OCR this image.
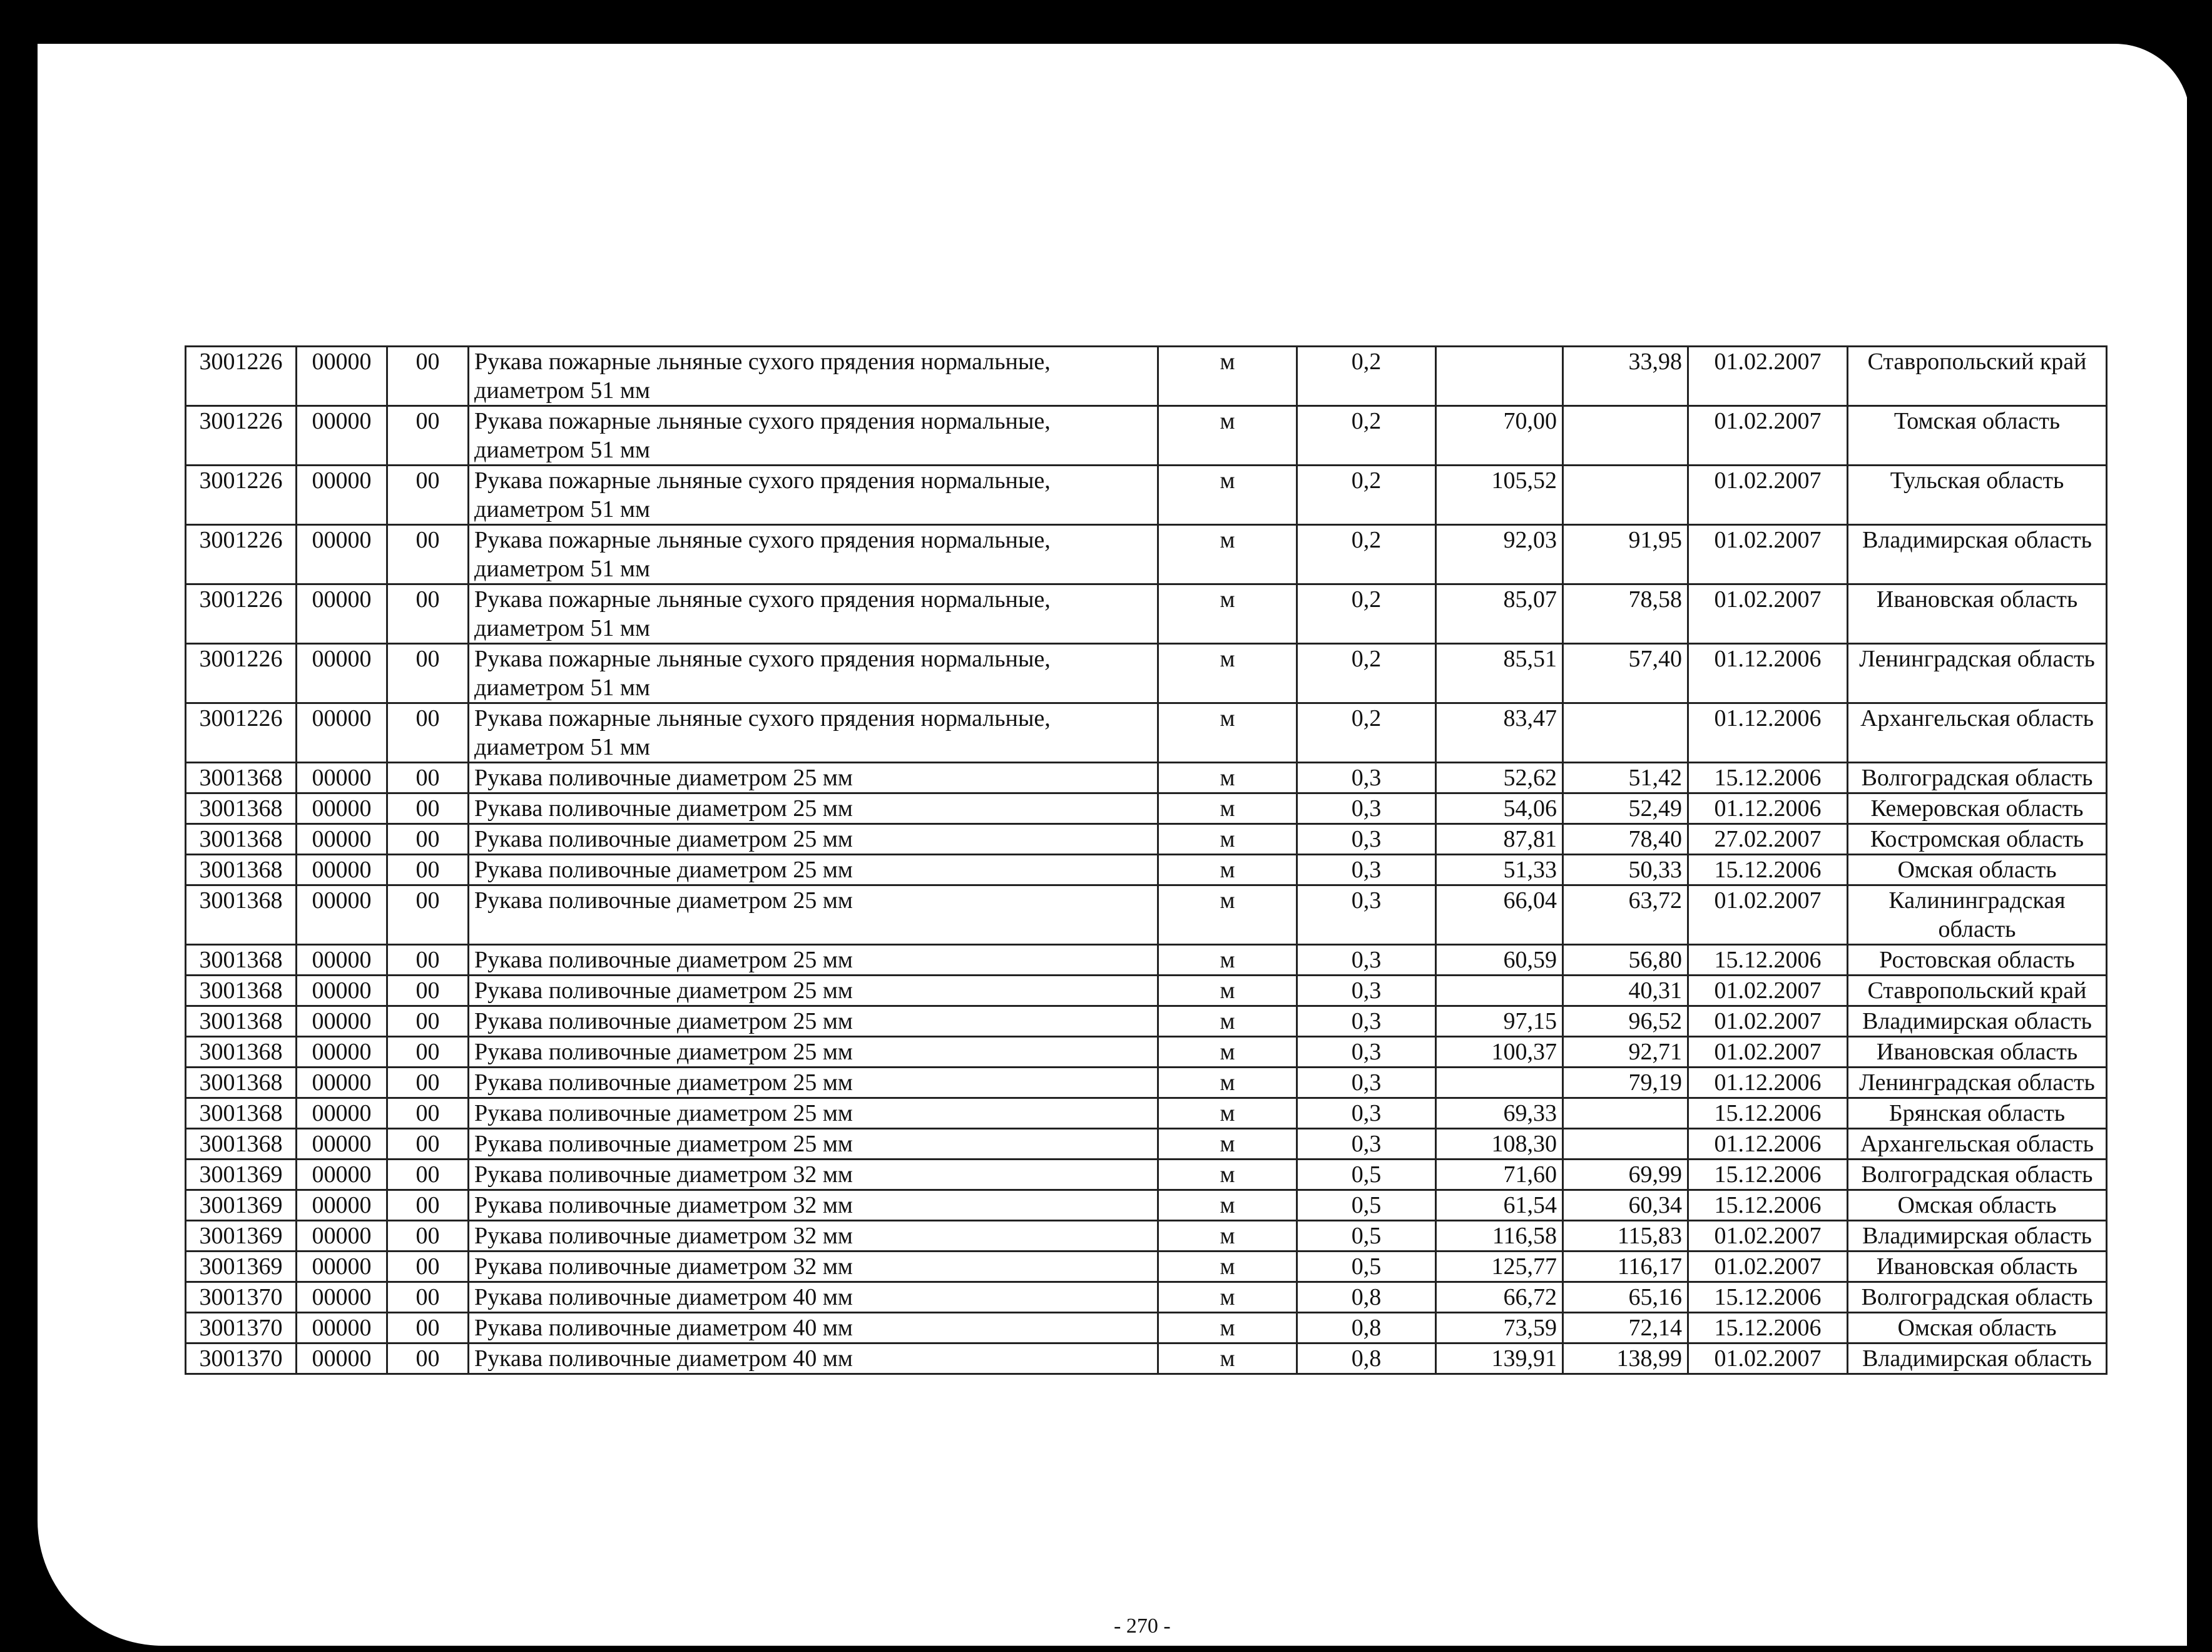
3001226	00000	00	Рукава пожарные льняные сухого прядения нормальные, диаметром 51 мм	м	0,2		33,98	01.02.2007	Ставропольский край
3001226	00000	00	Рукава пожарные льняные сухого прядения нормальные, диаметром 51 мм	м	0,2	70,00		01.02.2007	Томская область
3001226	00000	00	Рукава пожарные льняные сухого прядения нормальные, диаметром 51 мм	м	0,2	105,52		01.02.2007	Тульская область
3001226	00000	00	Рукава пожарные льняные сухого прядения нормальные, диаметром 51 мм	м	0,2	92,03	91,95	01.02.2007	Владимирская область
3001226	00000	00	Рукава пожарные льняные сухого прядения нормальные, диаметром 51 мм	м	0,2	85,07	78,58	01.02.2007	Ивановская область
3001226	00000	00	Рукава пожарные льняные сухого прядения нормальные, диаметром 51 мм	м	0,2	85,51	57,40	01.12.2006	Ленинградская область
3001226	00000	00	Рукава пожарные льняные сухого прядения нормальные, диаметром 51 мм	м	0,2	83,47		01.12.2006	Архангельская область
3001368	00000	00	Рукава поливочные диаметром 25 мм	м	0,3	52,62	51,42	15.12.2006	Волгоградская область
3001368	00000	00	Рукава поливочные диаметром 25 мм	м	0,3	54,06	52,49	01.12.2006	Кемеровская область
3001368	00000	00	Рукава поливочные диаметром 25 мм	м	0,3	87,81	78,40	27.02.2007	Костромская область
3001368	00000	00	Рукава поливочные диаметром 25 мм	м	0,3	51,33	50,33	15.12.2006	Омская область
3001368	00000	00	Рукава поливочные диаметром 25 мм	м	0,3	66,04	63,72	01.02.2007	Калининградская область
3001368	00000	00	Рукава поливочные диаметром 25 мм	м	0,3	60,59	56,80	15.12.2006	Ростовская область
3001368	00000	00	Рукава поливочные диаметром 25 мм	м	0,3		40,31	01.02.2007	Ставропольский край
3001368	00000	00	Рукава поливочные диаметром 25 мм	м	0,3	97,15	96,52	01.02.2007	Владимирская область
3001368	00000	00	Рукава поливочные диаметром 25 мм	м	0,3	100,37	92,71	01.02.2007	Ивановская область
3001368	00000	00	Рукава поливочные диаметром 25 мм	м	0,3		79,19	01.12.2006	Ленинградская область
3001368	00000	00	Рукава поливочные диаметром 25 мм	м	0,3	69,33		15.12.2006	Брянская область
3001368	00000	00	Рукава поливочные диаметром 25 мм	м	0,3	108,30		01.12.2006	Архангельская область
3001369	00000	00	Рукава поливочные диаметром 32 мм	м	0,5	71,60	69,99	15.12.2006	Волгоградская область
3001369	00000	00	Рукава поливочные диаметром 32 мм	м	0,5	61,54	60,34	15.12.2006	Омская область
3001369	00000	00	Рукава поливочные диаметром 32 мм	м	0,5	116,58	115,83	01.02.2007	Владимирская область
3001369	00000	00	Рукава поливочные диаметром 32 мм	м	0,5	125,77	116,17	01.02.2007	Ивановская область
3001370	00000	00	Рукава поливочные диаметром 40 мм	м	0,8	66,72	65,16	15.12.2006	Волгоградская область
3001370	00000	00	Рукава поливочные диаметром 40 мм	м	0,8	73,59	72,14	15.12.2006	Омская область
3001370	00000	00	Рукава поливочные диаметром 40 мм	м	0,8	139,91	138,99	01.02.2007	Владимирская область
- 270 -
